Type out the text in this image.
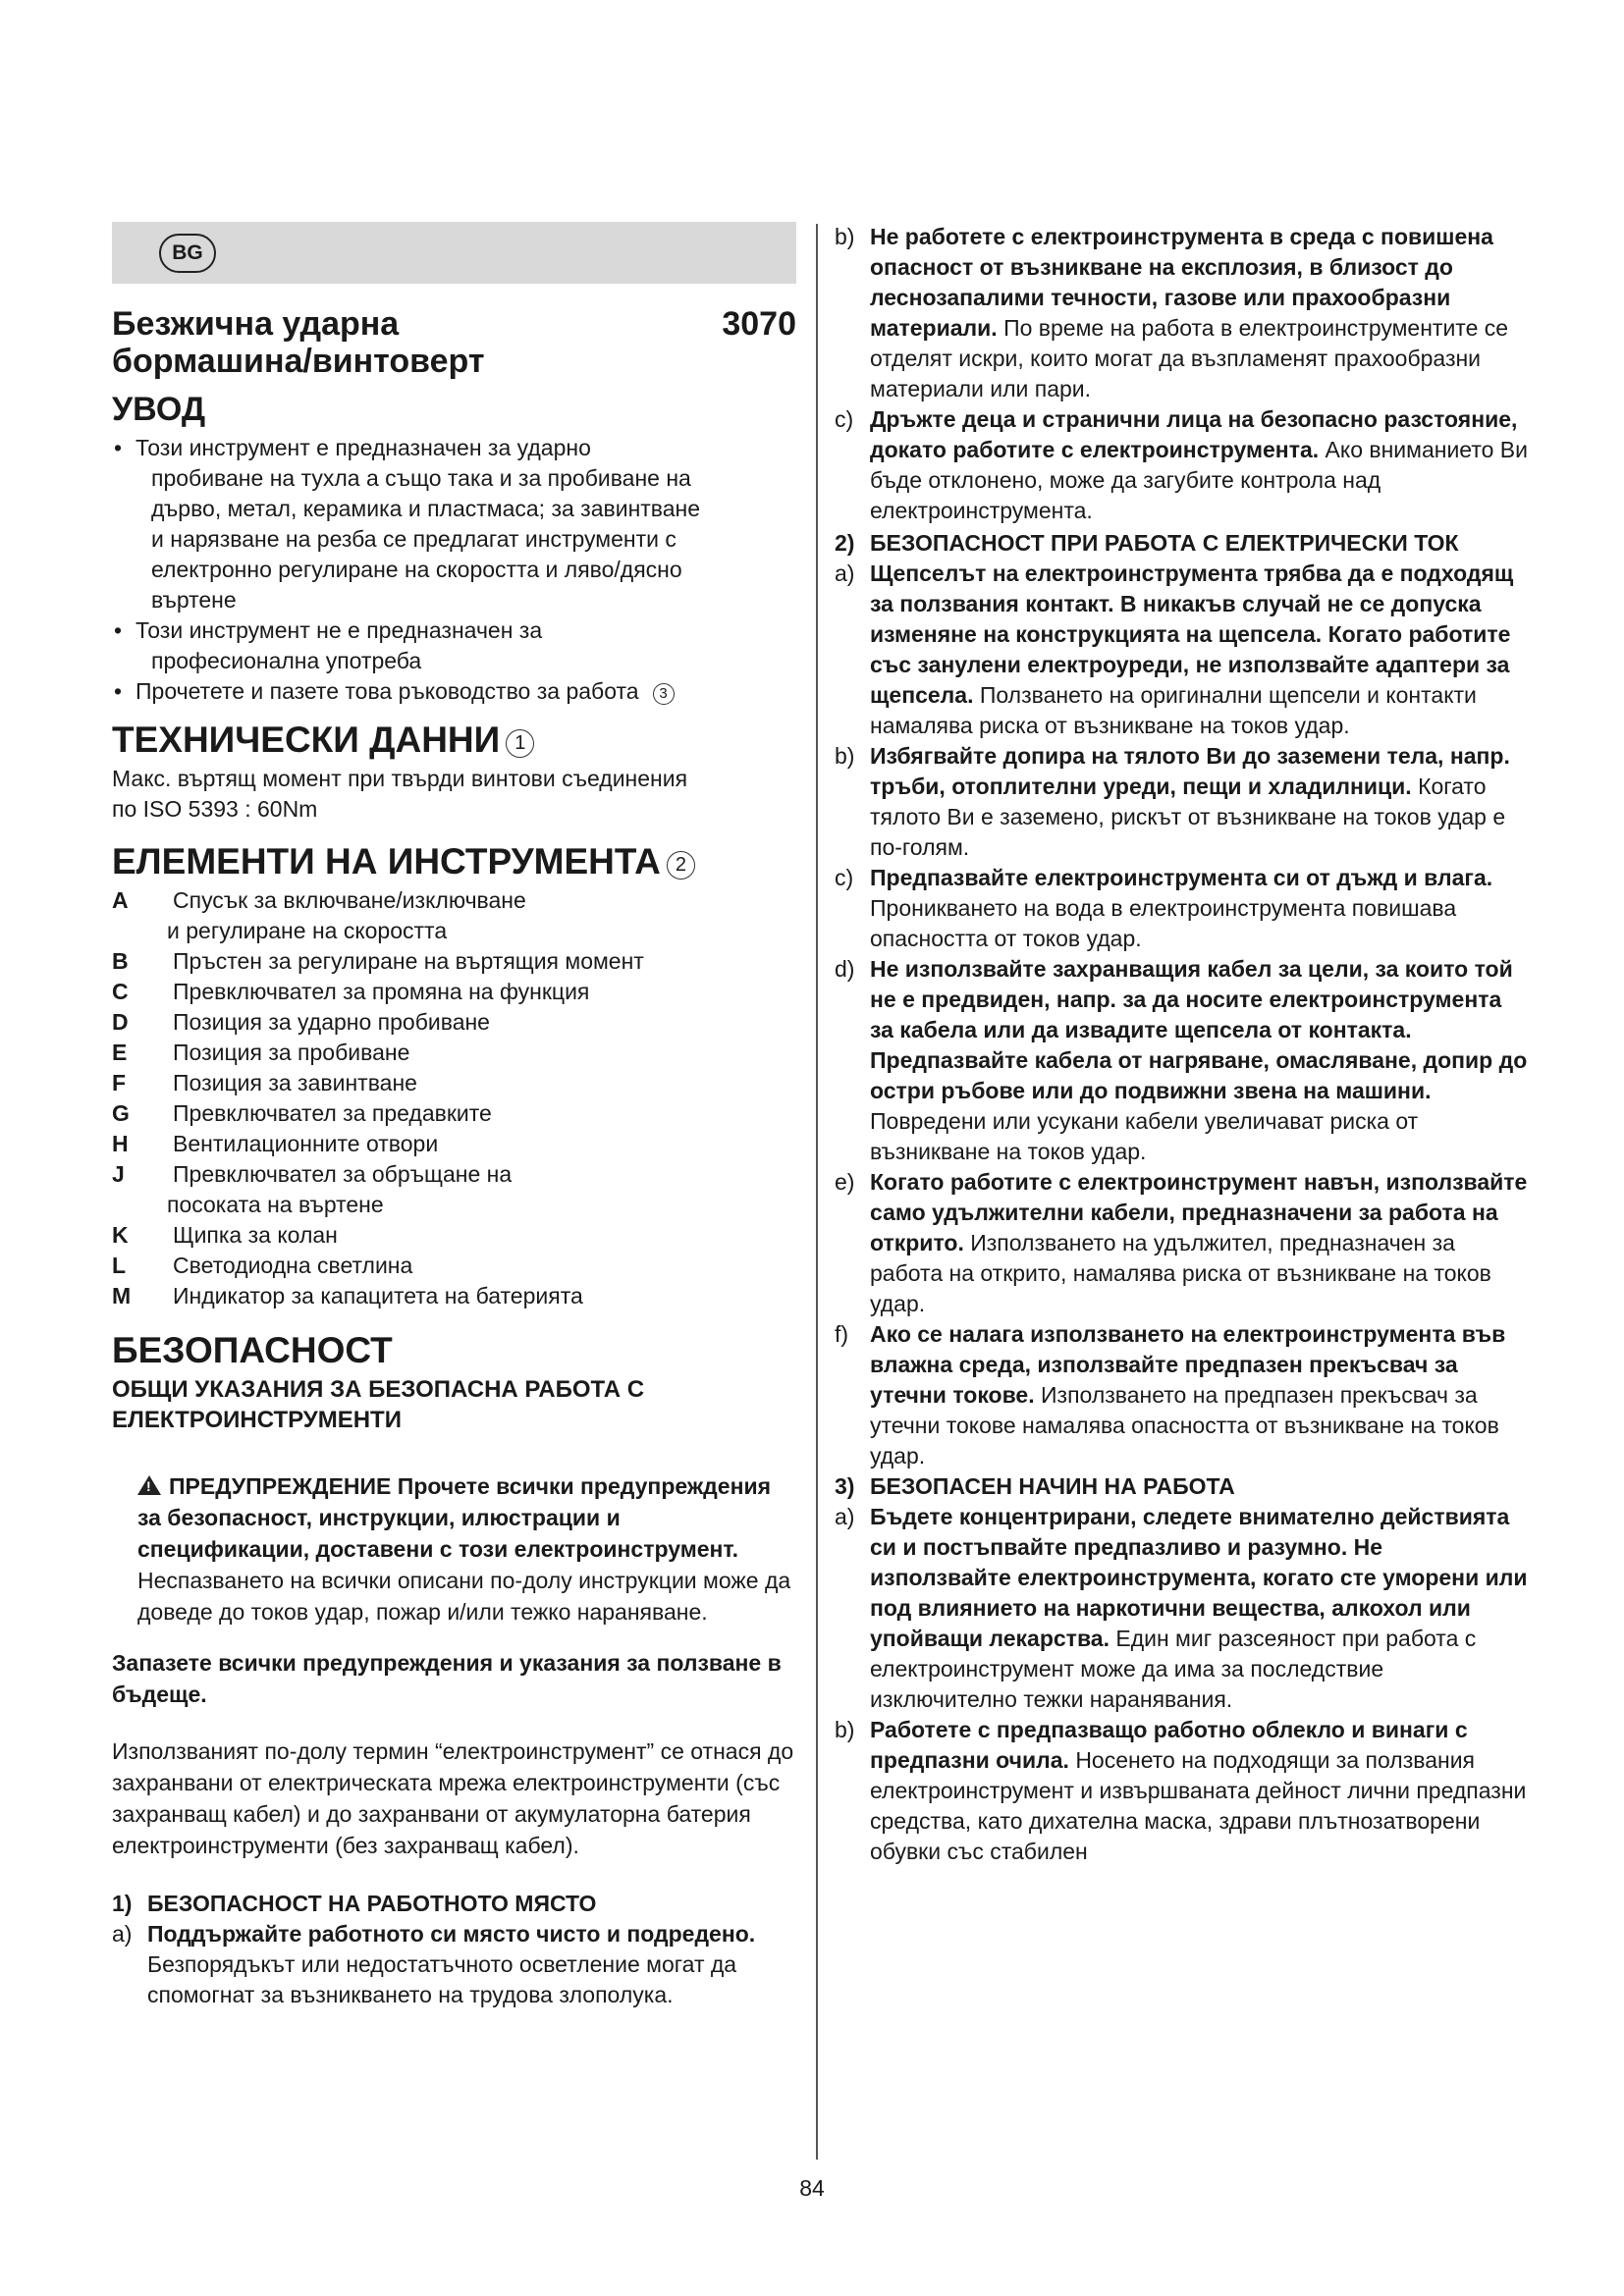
BG
Безжична ударна
бормашина/винтоверт
3070
УВОД
• Този инструмент е предназначен за ударно
пробиване на тухла а също така и за пробиване на
дърво, метал, керамика и пластмаса; за завинтване
и нарязване на резба се предлагат инструменти с
електронно регулиране на скоростта и ляво/дясно
въртене
• Този инструмент не е предназначен за
професионална употреба
• Прочетете и пазете това ръководство за работа 3
ТЕХНИЧЕСКИ ДАННИ 1

Макс. въртящ момент при твърди винтови съединения

по ISO 5393 : 60Nm

ЕЛЕМЕНТИ НА ИНСТРУМЕНТА 2
A	Спусък за включване/изключване
и регулиране на скоростта
B	Пръстен за регулиране на въртящия момент
C	Превключвател за промяна на функция
D	Позиция за ударно пробиване
E	Позиция за пробиване
F	Позиция за завинтване
G	Превключвател за предавките
H	Вентилационните отвори
J	Превключвател за обръщане на
посоката на въртене
K	Щипка за колан
L	Светодиодна светлина
M	Индикатор за капацитета на батерията
БЕЗОПАСНОСТ
ОБЩИ УКАЗАНИЯ ЗА БЕЗОПАСНА РАБОТА С ЕЛЕКТРОИНСТРУМЕНТИ
!ПРЕДУПРЕЖДЕНИЕ Прочете всички предупреждения за безопасност, инструкции, илюстрации и спецификации, доставени с този електроинструмент. Неспазването на всички описани по-долу инструкции може да доведе до токов удар, пожар и/или тежко нараняване.
Запазете всички предупреждения и указания за ползване в бъдеще.
Използваният по-долу термин “електроинструмент” се отнася до захранвани от електрическата мрежа електроинструменти (със захранващ кабел) и до захранвани от акумулаторна батерия електроинструменти (без захранващ кабел).
1) БЕЗОПАСНОСТ НА РАБОТНОТО МЯСТО
a) Поддържайте работното си място чисто и подредено. Безпорядъкът или недостатъчното осветление могат да спомогнат за възникването на трудова злополука.
b) Не работете с електроинструмента в среда с повишена опасност от възникване на експлозия, в близост до леснозапалими течности, газове или прахообразни материали. По време на работа в електроинструментите се отделят искри, които могат да възпламенят прахообразни материали или пари.
c) Дръжте деца и странични лица на безопасно разстояние, докато работите с електроинструмента. Ако вниманието Ви бъде отклонено, може да загубите контрола над електроинструмента.
2) БЕЗОПАСНОСТ ПРИ РАБОТА С ЕЛЕКТРИЧЕСКИ ТОК
a) Щепселът на електроинструмента трябва да е подходящ за ползвания контакт. В никакъв случай не се допуска изменяне на конструкцията на щепсела. Когато работите със занулени електроуреди, не използвайте адаптери за щепсела. Ползването на оригинални щепсели и контакти намалява риска от възникване на токов удар.
b) Избягвайте допира на тялото Ви до заземени тела, напр. тръби, отоплителни уреди, пещи и хладилници. Когато тялото Ви е заземено, рискът от възникване на токов удар е по-голям.
c) Предпазвайте електроинструмента си от дъжд и влага. Проникването на вода в електроинструмента повишава опасността от токов удар.
d) Не използвайте захранващия кабел за цели, за които той не е предвиден, напр. за да носите електроинструмента за кабела или да извадите щепсела от контакта. Предпазвайте кабела от нагряване, омасляване, допир до остри ръбове или до подвижни звена на машини. Повредени или усукани кабели увеличават риска от възникване на токов удар.
e) Когато работите с електроинструмент навън, използвайте само удължителни кабели, предназначени за работа на открито. Използването на удължител, предназначен за работа на открито, намалява риска от възникване на токов удар.
f) Ако се налага използването на електроинструмента във влажна среда, използвайте предпазен прекъсвач за утечни токове. Използването на предпазен прекъсвач за утечни токове намалява опасността от възникване на токов удар.
3) БЕЗОПАСЕН НАЧИН НА РАБОТА
a) Бъдете концентрирани, следете внимателно действията си и постъпвайте предпазливо и разумно. Не използвайте електроинструмента, когато сте уморени или под влиянието на наркотични вещества, алкохол или упойващи лекарства. Един миг разсеяност при работа с електроинструмент може да има за последствие изключително тежки наранявания.
b) Работете с предпазващо работно облекло и винаги с предпазни очила. Носенето на подходящи за ползвания електроинструмент и извършваната дейност лични предпазни средства, като дихателна маска, здрави плътнозатворени обувки със стабилен
84
